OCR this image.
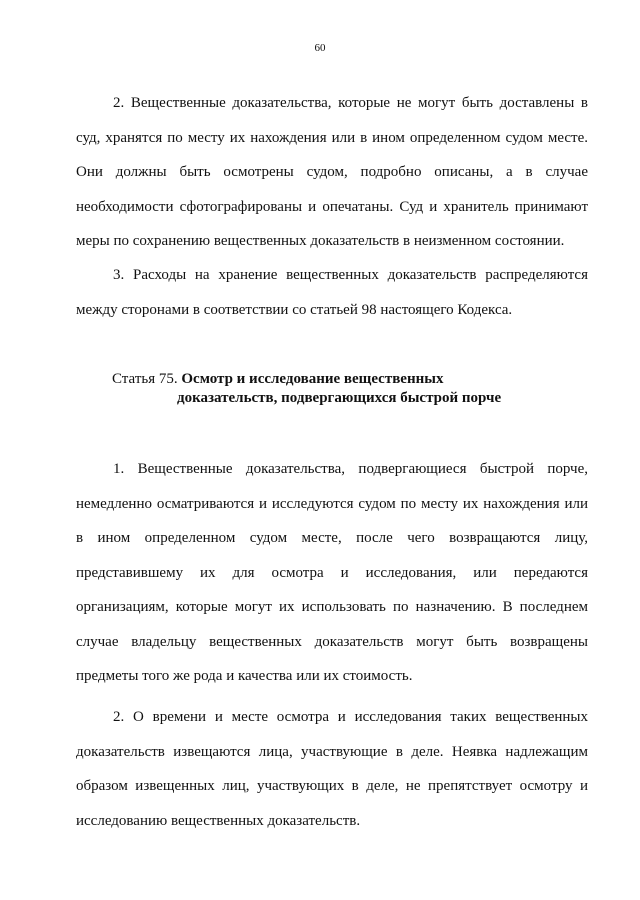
60

2. Вещественные доказательства, которые не могут быть доставлены в суд, хранятся по месту их нахождения или в ином определенном судом месте. Они должны быть осмотрены судом, подробно описаны, а в случае необходимости сфотографированы и опечатаны. Суд и хранитель принимают меры по сохранению вещественных доказательств в неизменном состоянии.

3. Расходы на хранение вещественных доказательств распределяются между сторонами в соответствии со статьей 98 настоящего Кодекса.

Статья 75. Осмотр и исследование вещественных
доказательств, подвергающихся быстрой порче

1. Вещественные доказательства, подвергающиеся быстрой порче, немедленно осматриваются и исследуются судом по месту их нахождения или в ином определенном судом месте, после чего возвращаются лицу, представившему их для осмотра и исследования, или передаются организациям, которые могут их использовать по назначению. В последнем случае владельцу вещественных доказательств могут быть возвращены предметы того же рода и качества или их стоимость.

2. О времени и месте осмотра и исследования таких вещественных доказательств извещаются лица, участвующие в деле. Неявка надлежащим образом извещенных лиц, участвующих в деле, не препятствует осмотру и исследованию вещественных доказательств.
